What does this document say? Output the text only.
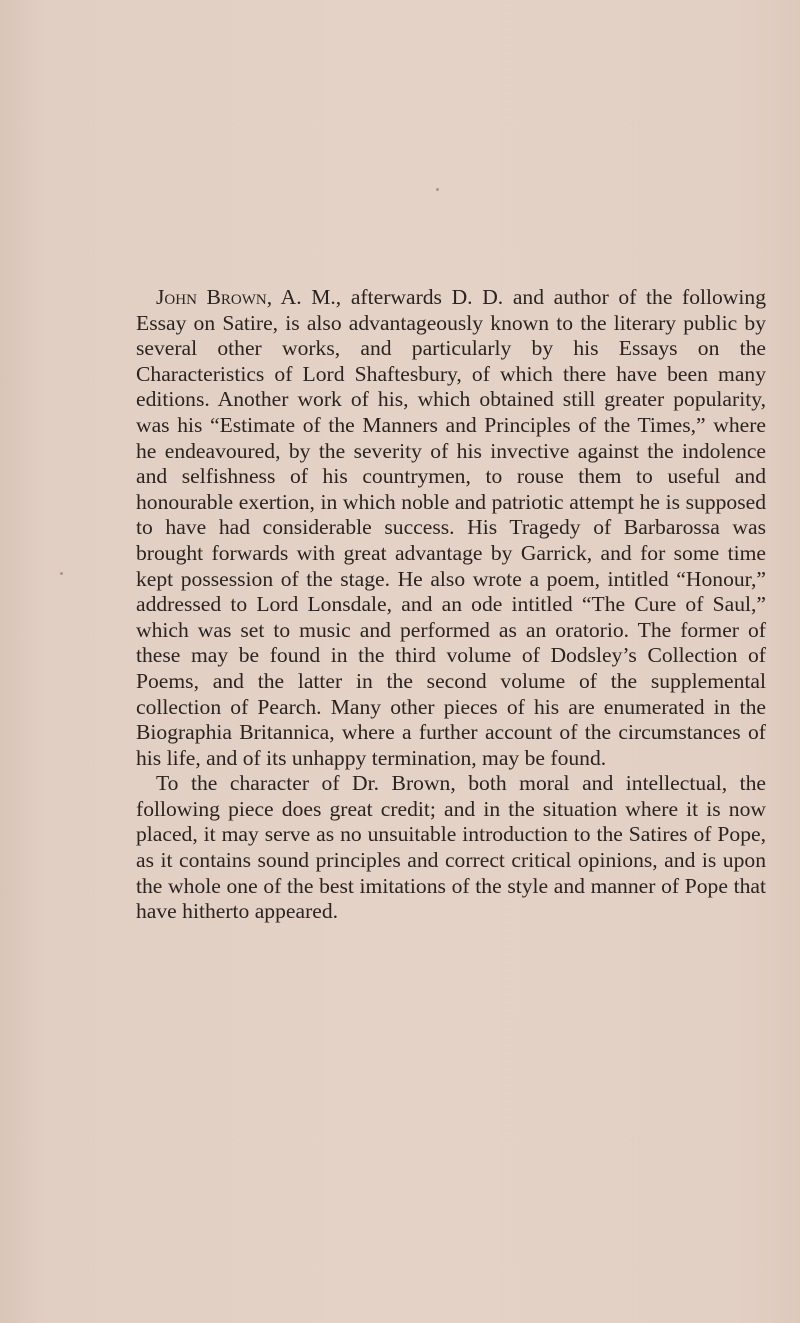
John Brown, A. M., afterwards D. D. and author of the following Essay on Satire, is also advantageously known to the literary public by several other works, and particularly by his Essays on the Characteristics of Lord Shaftesbury, of which there have been many editions. Another work of his, which obtained still greater popularity, was his “Estimate of the Manners and Principles of the Times,” where he endeavoured, by the severity of his invective against the indolence and selfishness of his countrymen, to rouse them to useful and honourable exertion, in which noble and patriotic attempt he is supposed to have had considerable success. His Tragedy of Barbarossa was brought forwards with great advantage by Garrick, and for some time kept possession of the stage. He also wrote a poem, intitled “Honour,” addressed to Lord Lonsdale, and an ode intitled “The Cure of Saul,” which was set to music and performed as an oratorio. The former of these may be found in the third volume of Dodsley’s Collection of Poems, and the latter in the second volume of the supplemental collection of Pearch. Many other pieces of his are enumerated in the Biographia Britannica, where a further account of the circumstances of his life, and of its unhappy termination, may be found.

To the character of Dr. Brown, both moral and intellectual, the following piece does great credit; and in the situation where it is now placed, it may serve as no unsuitable introduction to the Satires of Pope, as it contains sound principles and correct critical opinions, and is upon the whole one of the best imitations of the style and manner of Pope that have hitherto appeared.
